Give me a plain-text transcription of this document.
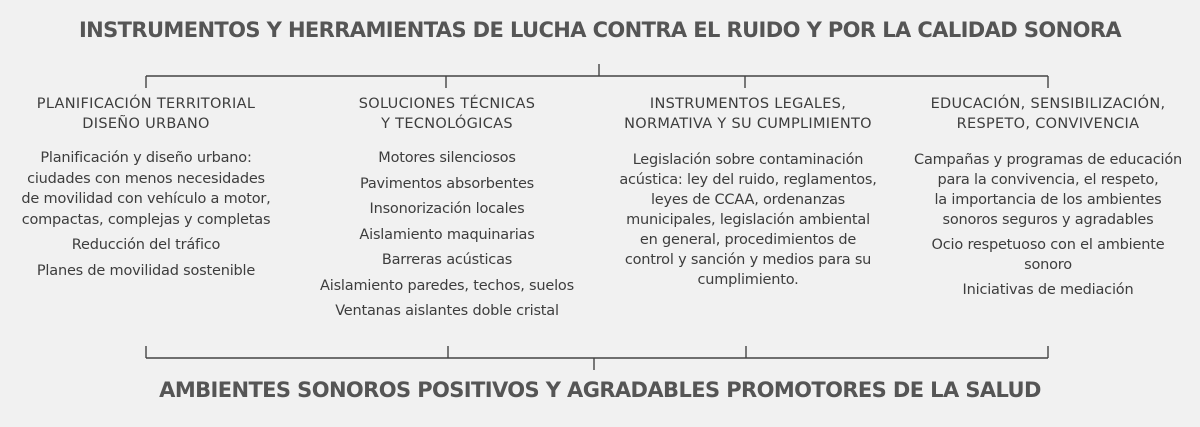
INSTRUMENTOS Y HERRAMIENTAS DE LUCHA CONTRA EL RUIDO Y POR LA CALIDAD SONORA
PLANIFICACIÓN TERRITORIAL
DISEÑO URBANO
Planificación y diseño urbano:
ciudades con menos necesidades
de movilidad con vehículo a motor,
compactas, complejas y completas
Reducción del tráfico
Planes de movilidad sostenible
SOLUCIONES TÉCNICAS
Y TECNOLÓGICAS
Motores silenciosos
Pavimentos absorbentes
Insonorización locales
Aislamiento maquinarias
Barreras acústicas
Aislamiento paredes, techos, suelos
Ventanas aislantes doble cristal
INSTRUMENTOS LEGALES,
NORMATIVA Y SU CUMPLIMIENTO
Legislación sobre contaminación
acústica: ley del ruido, reglamentos,
leyes de CCAA, ordenanzas
municipales, legislación ambiental
en general, procedimientos de
control y sanción y medios para su
cumplimiento.
EDUCACIÓN, SENSIBILIZACIÓN,
RESPETO, CONVIVENCIA
Campañas y programas de educación
para la convivencia, el respeto,
la importancia de los ambientes
sonoros seguros y agradables
Ocio respetuoso con el ambiente
sonoro
Iniciativas de mediación
AMBIENTES SONOROS POSITIVOS Y AGRADABLES PROMOTORES DE LA SALUD
